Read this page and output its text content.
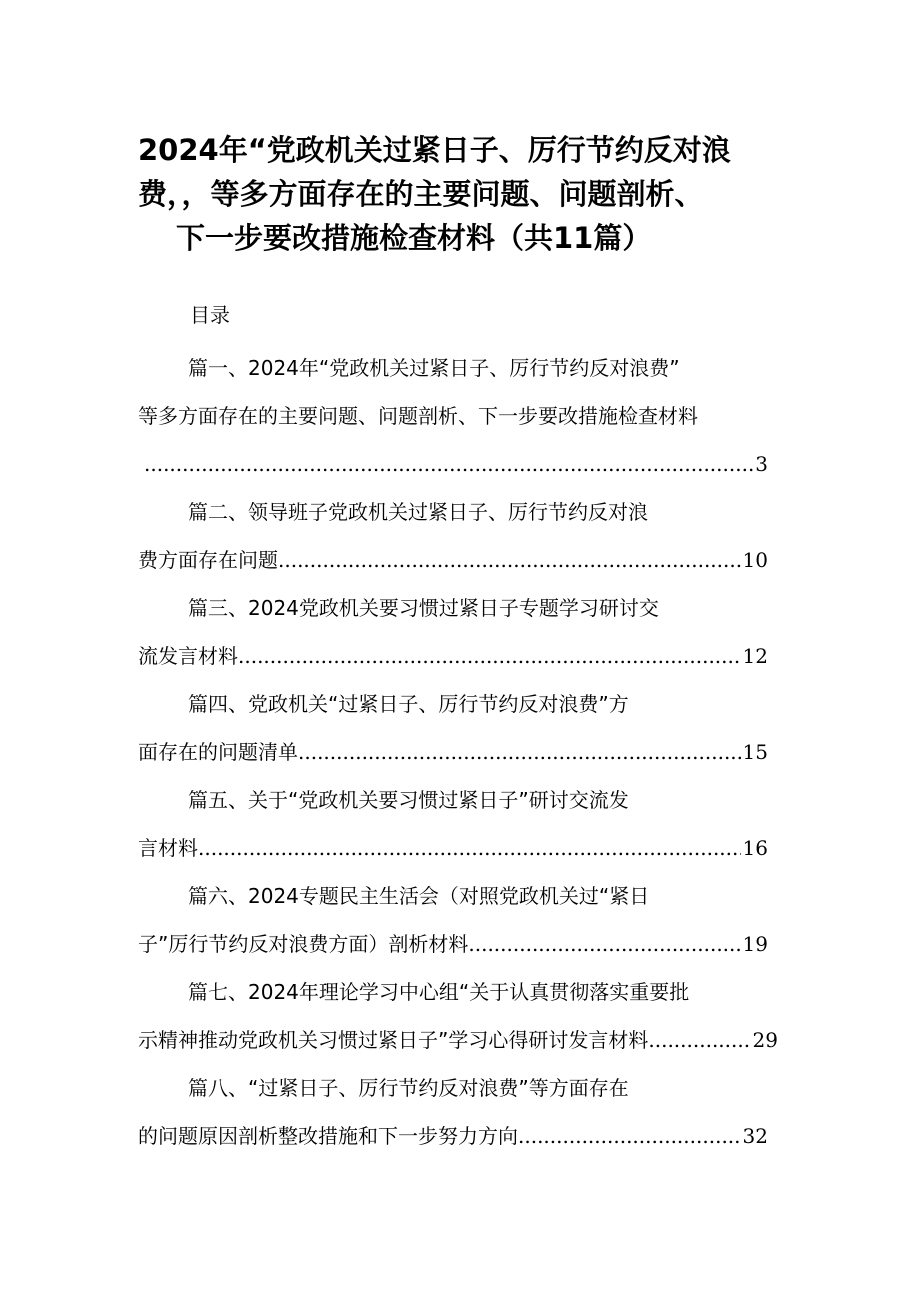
2024年“党政机关过紧日子、厉行节约反对浪
费，，等多方面存在的主要问题、问题剖析、
下一步要改措施检查材料（共11篇）
目录
篇一、2024年“党政机关过紧日子、厉行节约反对浪费”
等多方面存在的主要问题、问题剖析、下一步要改措施检查材料
.....
3
篇二、领导班子党政机关过紧日子、厉行节约反对浪
费方面存在问题 .....	10
篇三、2024党政机关要习惯过紧日子专题学习研讨交
流发言材料 .....	12
篇四、党政机关“过紧日子、厉行节约反对浪费”方
面存在的问题清单 .....	15
篇五、关于“党政机关要习惯过紧日子”研讨交流发
言材料 .....	16
篇六、2024专题民主生活会（对照党政机关过“紧日
子”厉行节约反对浪费方面）剖析材料 .....	19
篇七、2024年理论学习中心组“关于认真贯彻落实重要批
示精神推动党政机关习惯过紧日子”学习心得研讨发言材料 .....	29
篇八、“过紧日子、厉行节约反对浪费”等方面存在
的问题原因剖析整改措施和下一步努力方向 .....	32
